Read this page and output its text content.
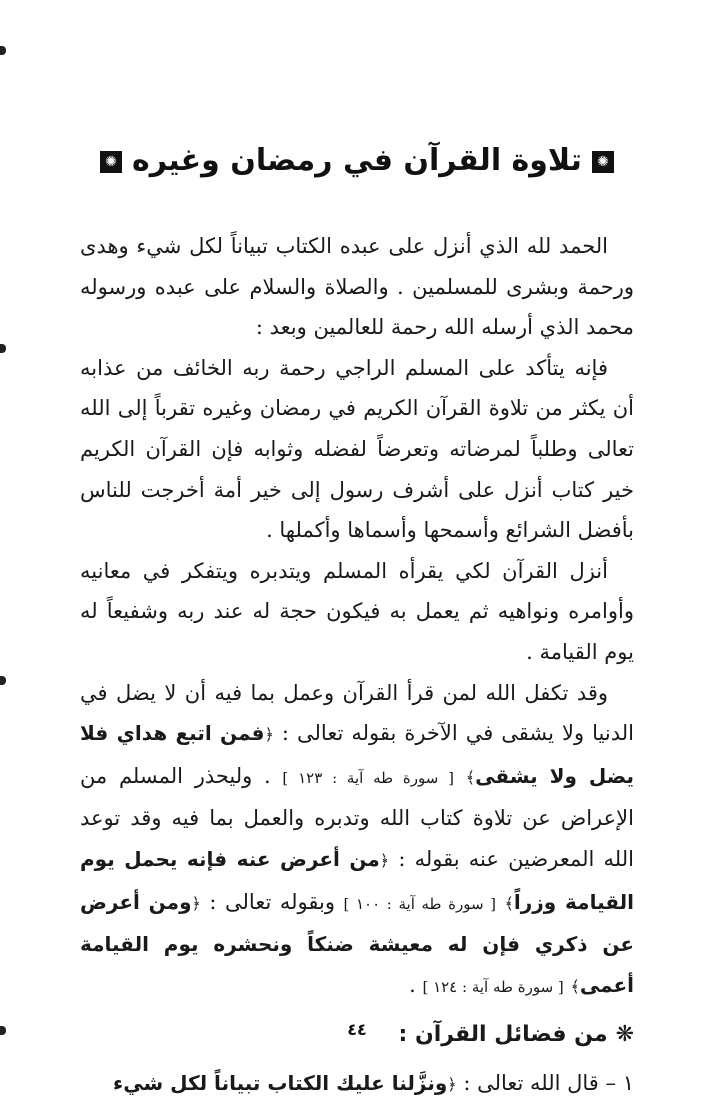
✺تلاوة القرآن في رمضان وغيره✺

الحمد لله الذي أنزل على عبده الكتاب تبياناً لكل شيء وهدى ورحمة وبشرى للمسلمين . والصلاة والسلام على عبده ورسوله محمد الذي أرسله الله رحمة للعالمين وبعد :

فإنه يتأكد على المسلم الراجي رحمة ربه الخائف من عذابه أن يكثر من تلاوة القرآن الكريم في رمضان وغيره تقرباً إلى الله تعالى وطلباً لمرضاته وتعرضاً لفضله وثوابه فإن القرآن الكريم خير كتاب أنزل على أشرف رسول إلى خير أمة أخرجت للناس بأفضل الشرائع وأسمحها وأسماها وأكملها .

أنزل القرآن لكي يقرأه المسلم ويتدبره ويتفكر في معانيه وأوامره ونواهيه ثم يعمل به فيكون حجة له عند ربه وشفيعاً له يوم القيامة .

وقد تكفل الله لمن قرأ القرآن وعمل بما فيه أن لا يضل في الدنيا ولا يشقى في الآخرة بقوله تعالى : ﴿فمن اتبع هداي فلا يضل ولا يشقى﴾ [ سورة طه آية : ١٢٣ ] . وليحذر المسلم من الإعراض عن تلاوة كتاب الله وتدبره والعمل بما فيه وقد توعد الله المعرضين عنه بقوله : ﴿من أعرض عنه فإنه يحمل يوم القيامة وزراً﴾ [ سورة طه آية : ١٠٠ ] وبقوله تعالى : ﴿ومن أعرض عن ذكري فإن له معيشة ضنكاً ونحشره يوم القيامة أعمى﴾ [ سورة طه آية : ١٢٤ ] .

❋من فضائل القرآن :
١ – قال الله تعالى : ﴿ونزَّلنا عليك الكتاب تبياناً لكل شيء
٤٤
